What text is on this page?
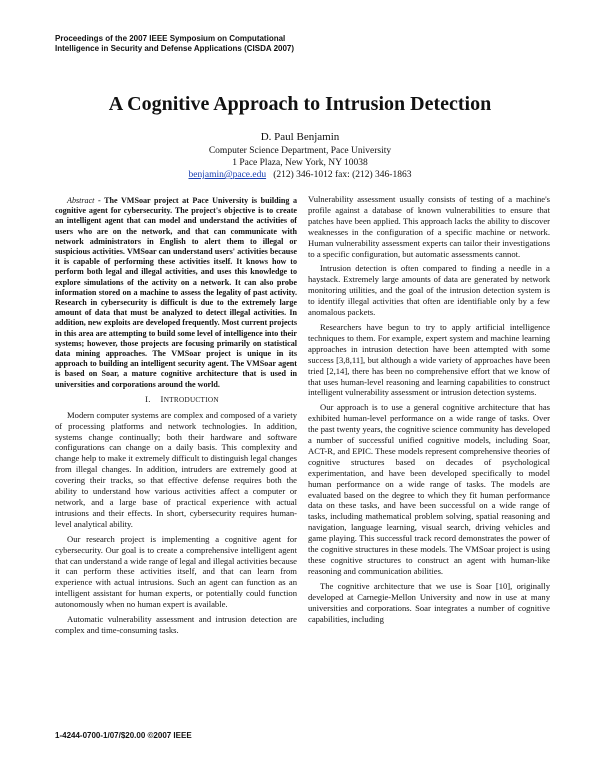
Proceedings of the 2007 IEEE Symposium on Computational
Intelligence in Security and Defense Applications (CISDA 2007)
A Cognitive Approach to Intrusion Detection
D. Paul Benjamin
Computer Science Department, Pace University
1 Pace Plaza, New York, NY 10038
benjamin@pace.edu (212) 346-1012 fax: (212) 346-1863

Abstract - The VMSoar project at Pace University is building a cognitive agent for cybersecurity. The project's objective is to create an intelligent agent that can model and understand the activities of users who are on the network, and that can communicate with network administrators in English to alert them to illegal or suspicious activities. VMSoar can understand users' activities because it is capable of performing these activities itself. It knows how to perform both legal and illegal activities, and uses this knowledge to explore simulations of the activity on a network. It can also probe information stored on a machine to assess the legality of past activity. Research in cybersecurity is difficult is due to the extremely large amount of data that must be analyzed to detect illegal activities. In addition, new exploits are developed frequently. Most current projects in this area are attempting to build some level of intelligence into their systems; however, those projects are focusing primarily on statistical data mining approaches. The VMSoar project is unique in its approach to building an intelligent security agent. The VMSoar agent is based on Soar, a mature cognitive architecture that is used in universities and corporations around the world.

I. INTRODUCTION

Modern computer systems are complex and composed of a variety of processing platforms and network technologies. In addition, systems change continually; both their hardware and software configurations can change on a daily basis. This complexity and change help to make it extremely difficult to distinguish legal changes from illegal changes. In addition, intruders are extremely good at covering their tracks, so that effective defense requires both the ability to understand how various activities affect a computer or network, and a large base of practical experience with actual intrusions and their effects. In short, cybersecurity requires human-level analytical ability.

Our research project is implementing a cognitive agent for cybersecurity. Our goal is to create a comprehensive intelligent agent that can understand a wide range of legal and illegal activities because it can perform these activities itself, and that can learn from experience with actual intrusions. Such an agent can function as an intelligent assistant for human experts, or potentially could function autonomously when no human expert is available.

Automatic vulnerability assessment and intrusion detection are complex and time-consuming tasks.

Vulnerability assessment usually consists of testing of a machine's profile against a database of known vulnerabilities to ensure that patches have been applied. This approach lacks the ability to discover weaknesses in the configuration of a specific machine or network. Human vulnerability assessment experts can tailor their investigations to a specific configuration, but automatic assessments cannot.

Intrusion detection is often compared to finding a needle in a haystack. Extremely large amounts of data are generated by network monitoring utilities, and the goal of the intrusion detection system is to identify illegal activities that often are identifiable only by a few anomalous packets.

Researchers have begun to try to apply artificial intelligence techniques to them. For example, expert system and machine learning approaches in intrusion detection have been attempted with some success [3,8,11], but although a wide variety of approaches have been tried [2,14], there has been no comprehensive effort that we know of that uses human-level reasoning and learning capabilities to construct intelligent vulnerability assessment or intrusion detection systems.

Our approach is to use a general cognitive architecture that has exhibited human-level performance on a wide range of tasks. Over the past twenty years, the cognitive science community has developed a number of successful unified cognitive models, including Soar, ACT-R, and EPIC. These models represent comprehensive theories of cognitive structures based on decades of psychological experimentation, and have been developed specifically to model human performance on a wide range of tasks. The models are evaluated based on the degree to which they fit human performance data on these tasks, and have been successful on a wide range of tasks, including mathematical problem solving, spatial reasoning and navigation, language learning, visual search, driving vehicles and game playing. This successful track record demonstrates the power of the cognitive structures in these models. The VMSoar project is using these cognitive structures to construct an agent with human-like reasoning and communication abilities.

The cognitive architecture that we use is Soar [10], originally developed at Carnegie-Mellon University and now in use at many universities and corporations. Soar integrates a number of cognitive capabilities, including

1-4244-0700-1/07/$20.00 ©2007 IEEE
